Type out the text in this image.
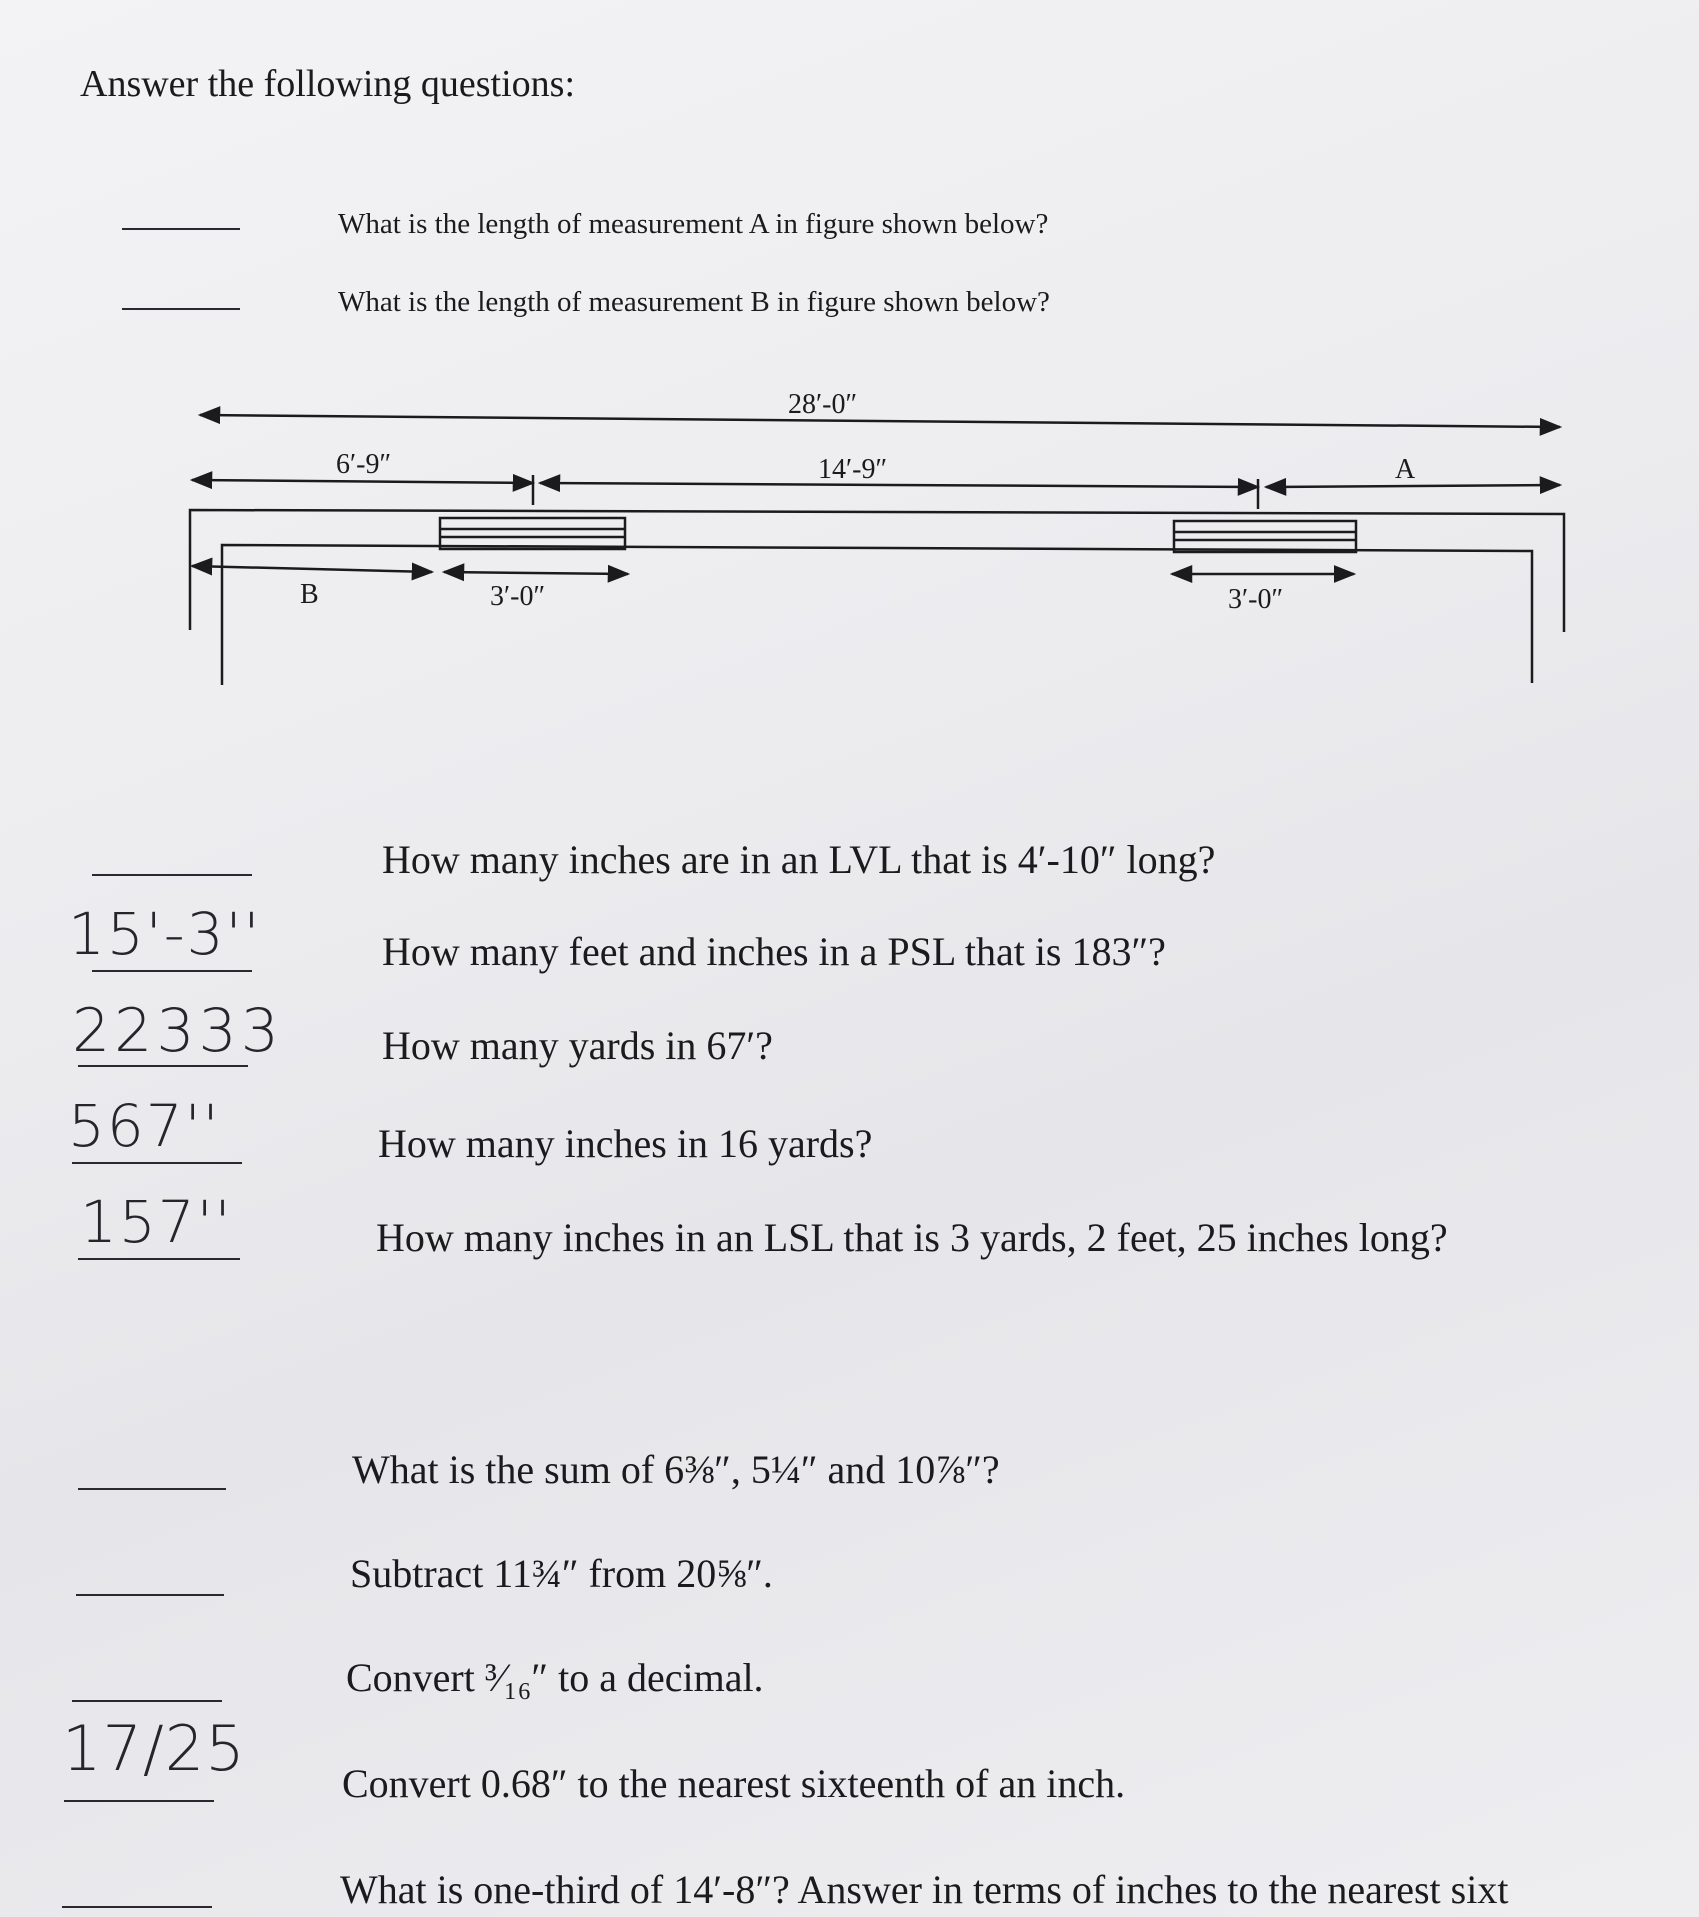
Answer the following questions:
What is the length of measurement A in figure shown below?
What is the length of measurement B in figure shown below?
28′-0″
6′-9″	14′-9″	A
B	3′-0″	3′-0″
How many inches are in an LVL that is 4′-10″ long?
15'-3''	How many feet and inches in a PSL that is 183″?
22333 How many yards in 67′?
567''	How many inches in 16 yards?
157''	How many inches in an LSL that is 3 yards, 2 feet, 25 inches long?
What is the sum of 6⅜″, 5¼″ and 10⅞″?
Subtract 11¾″ from 20⅝″.
Convert ³⁄₁₆″ to a decimal.
17/25 Convert 0.68″ to the nearest sixteenth of an inch.
What is one-third of 14′-8″? Answer in terms of inches to the nearest sixt
